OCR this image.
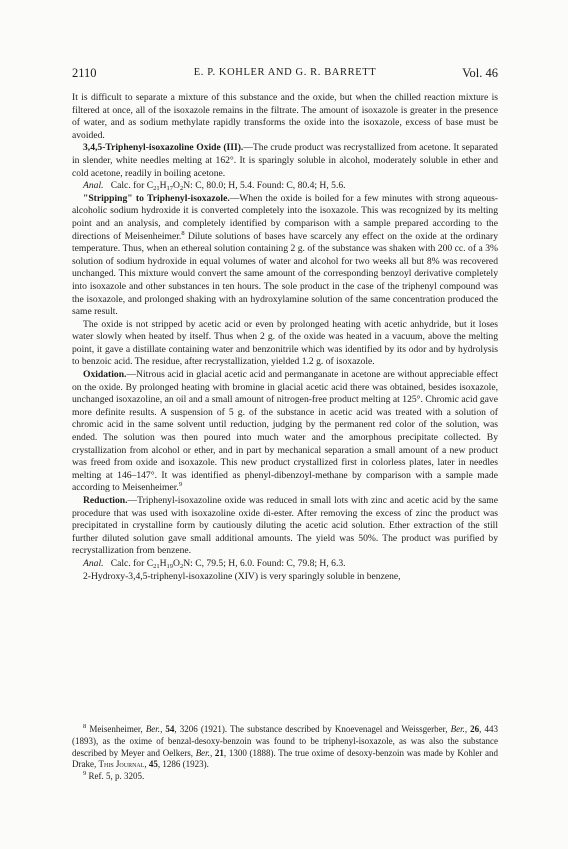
2110	E. P. KOHLER AND G. R. BARRETT	Vol. 46

It is difficult to separate a mixture of this substance and the oxide, but when the chilled reaction mixture is filtered at once, all of the isoxazole remains in the filtrate. The amount of isoxazole is greater in the presence of water, and as sodium methylate rapidly transforms the oxide into the isoxazole, excess of base must be avoided.

3,4,5-Triphenyl-isoxazoline Oxide (III).—The crude product was recrystallized from acetone. It separated in slender, white needles melting at 162°. It is sparingly soluble in alcohol, moderately soluble in ether and cold acetone, readily in boiling acetone.

Anal. Calc. for $C_{21}H_{17}O_2N$: C, 80.0; H, 5.4. Found: C, 80.4; H, 5.6.

"Stripping" to Triphenyl-isoxazole.—When the oxide is boiled for a few minutes with strong aqueous-alcoholic sodium hydroxide it is converted completely into the isoxazole. This was recognized by its melting point and an analysis, and completely identified by comparison with a sample prepared according to the directions of Meisenheimer.$^8$ Dilute solutions of bases have scarcely any effect on the oxide at the ordinary temperature. Thus, when an ethereal solution containing 2 g. of the substance was shaken with 200 cc. of a 3% solution of sodium hydroxide in equal volumes of water and alcohol for two weeks all but 8% was recovered unchanged. This mixture would convert the same amount of the corresponding benzoyl derivative completely into isoxazole and other substances in ten hours. The sole product in the case of the triphenyl compound was the isoxazole, and prolonged shaking with an hydroxylamine solution of the same concentration produced the same result.

The oxide is not stripped by acetic acid or even by prolonged heating with acetic anhydride, but it loses water slowly when heated by itself. Thus when 2 g. of the oxide was heated in a vacuum, above the melting point, it gave a distillate containing water and benzonitrile which was identified by its odor and by hydrolysis to benzoic acid. The residue, after recrystallization, yielded 1.2 g. of isoxazole.

Oxidation.—Nitrous acid in glacial acetic acid and permanganate in acetone are without appreciable effect on the oxide. By prolonged heating with bromine in glacial acetic acid there was obtained, besides isoxazole, unchanged isoxazoline, an oil and a small amount of nitrogen-free product melting at 125°. Chromic acid gave more definite results. A suspension of 5 g. of the substance in acetic acid was treated with a solution of chromic acid in the same solvent until reduction, judging by the permanent red color of the solution, was ended. The solution was then poured into much water and the amorphous precipitate collected. By crystallization from alcohol or ether, and in part by mechanical separation a small amount of a new product was freed from oxide and isoxazole. This new product crystallized first in colorless plates, later in needles melting at 146–147°. It was identified as phenyl-dibenzoyl-methane by comparison with a sample made according to Meisenheimer.$^9$

Reduction.—Triphenyl-isoxazoline oxide was reduced in small lots with zinc and acetic acid by the same procedure that was used with isoxazoline oxide di-ester. After removing the excess of zinc the product was precipitated in crystalline form by cautiously diluting the acetic acid solution. Ether extraction of the still further diluted solution gave small additional amounts. The yield was 50%. The product was purified by recrystallization from benzene.

Anal. Calc. for $C_{21}H_{19}O_2N$: C, 79.5; H, 6.0. Found: C, 79.8; H, 6.3.

2-Hydroxy-3,4,5-triphenyl-isoxazoline (XIV) is very sparingly soluble in benzene,

$^8$ Meisenheimer, Ber., 54, 3206 (1921). The substance described by Knoevenagel and Weissgerber, Ber., 26, 443 (1893), as the oxime of benzal-desoxy-benzoin was found to be triphenyl-isoxazole, as was also the substance described by Meyer and Oelkers, Ber., 21, 1300 (1888). The true oxime of desoxy-benzoin was made by Kohler and Drake, This Journal, 45, 1286 (1923).

$^9$ Ref. 5, p. 3205.
